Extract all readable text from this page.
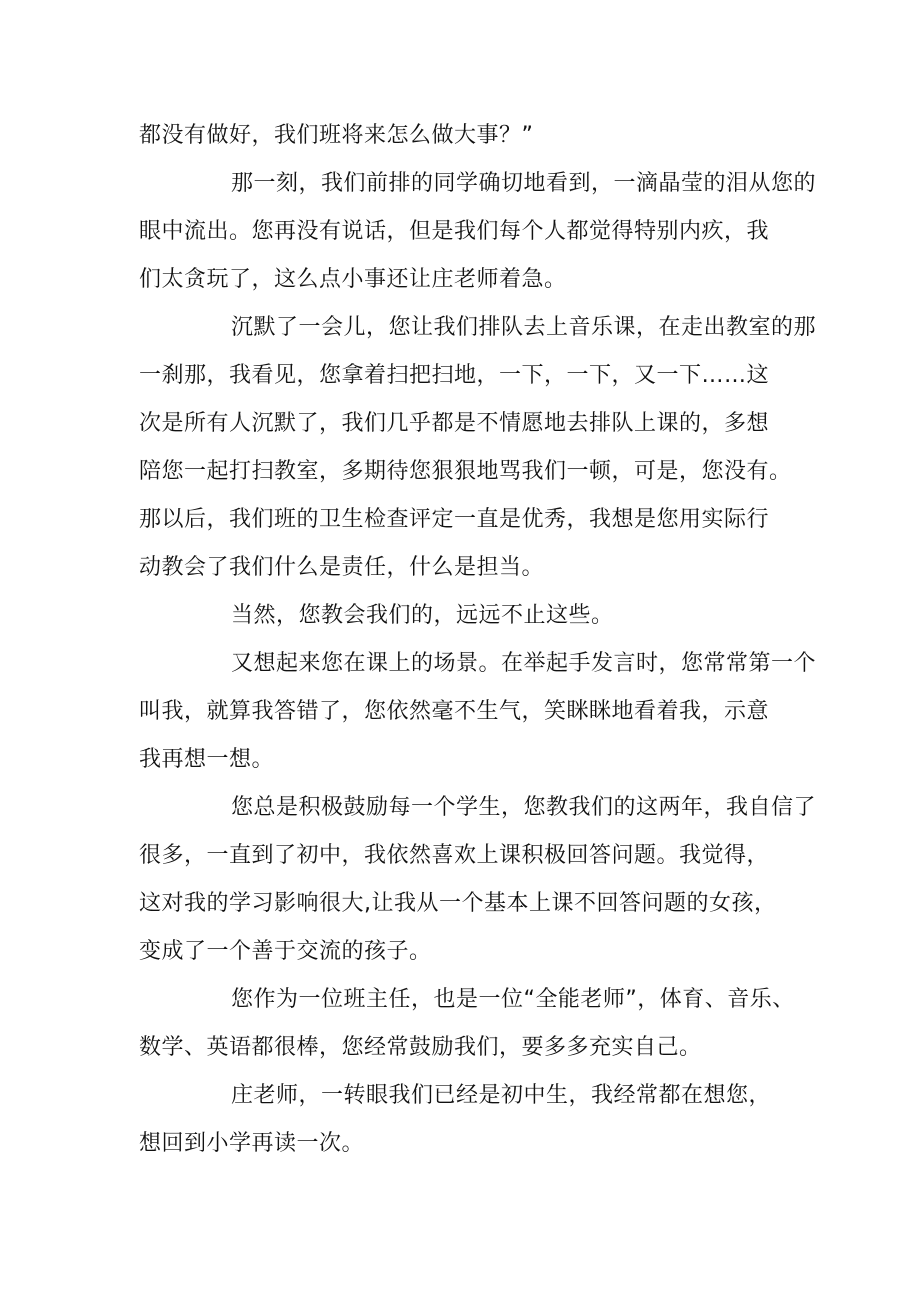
都没有做好，我们班将来怎么做大事？”

那一刻，我们前排的同学确切地看到，一滴晶莹的泪从您的
眼中流出。您再没有说话，但是我们每个人都觉得特别内疚，我
们太贪玩了，这么点小事还让庄老师着急。

沉默了一会儿，您让我们排队去上音乐课，在走出教室的那
一刹那，我看见，您拿着扫把扫地，一下，一下，又一下……这
次是所有人沉默了，我们几乎都是不情愿地去排队上课的，多想
陪您一起打扫教室，多期待您狠狠地骂我们一顿，可是，您没有。
那以后，我们班的卫生检查评定一直是优秀，我想是您用实际行
动教会了我们什么是责任，什么是担当。

当然，您教会我们的，远远不止这些。

又想起来您在课上的场景。在举起手发言时，您常常第一个
叫我，就算我答错了，您依然毫不生气，笑眯眯地看着我，示意
我再想一想。

您总是积极鼓励每一个学生，您教我们的这两年，我自信了
很多，一直到了初中，我依然喜欢上课积极回答问题。我觉得，
这对我的学习影响很大,让我从一个基本上课不回答问题的女孩，
变成了一个善于交流的孩子。

您作为一位班主任，也是一位“全能老师”，体育、音乐、
数学、英语都很棒，您经常鼓励我们，要多多充实自己。

庄老师，一转眼我们已经是初中生，我经常都在想您，
想回到小学再读一次。
